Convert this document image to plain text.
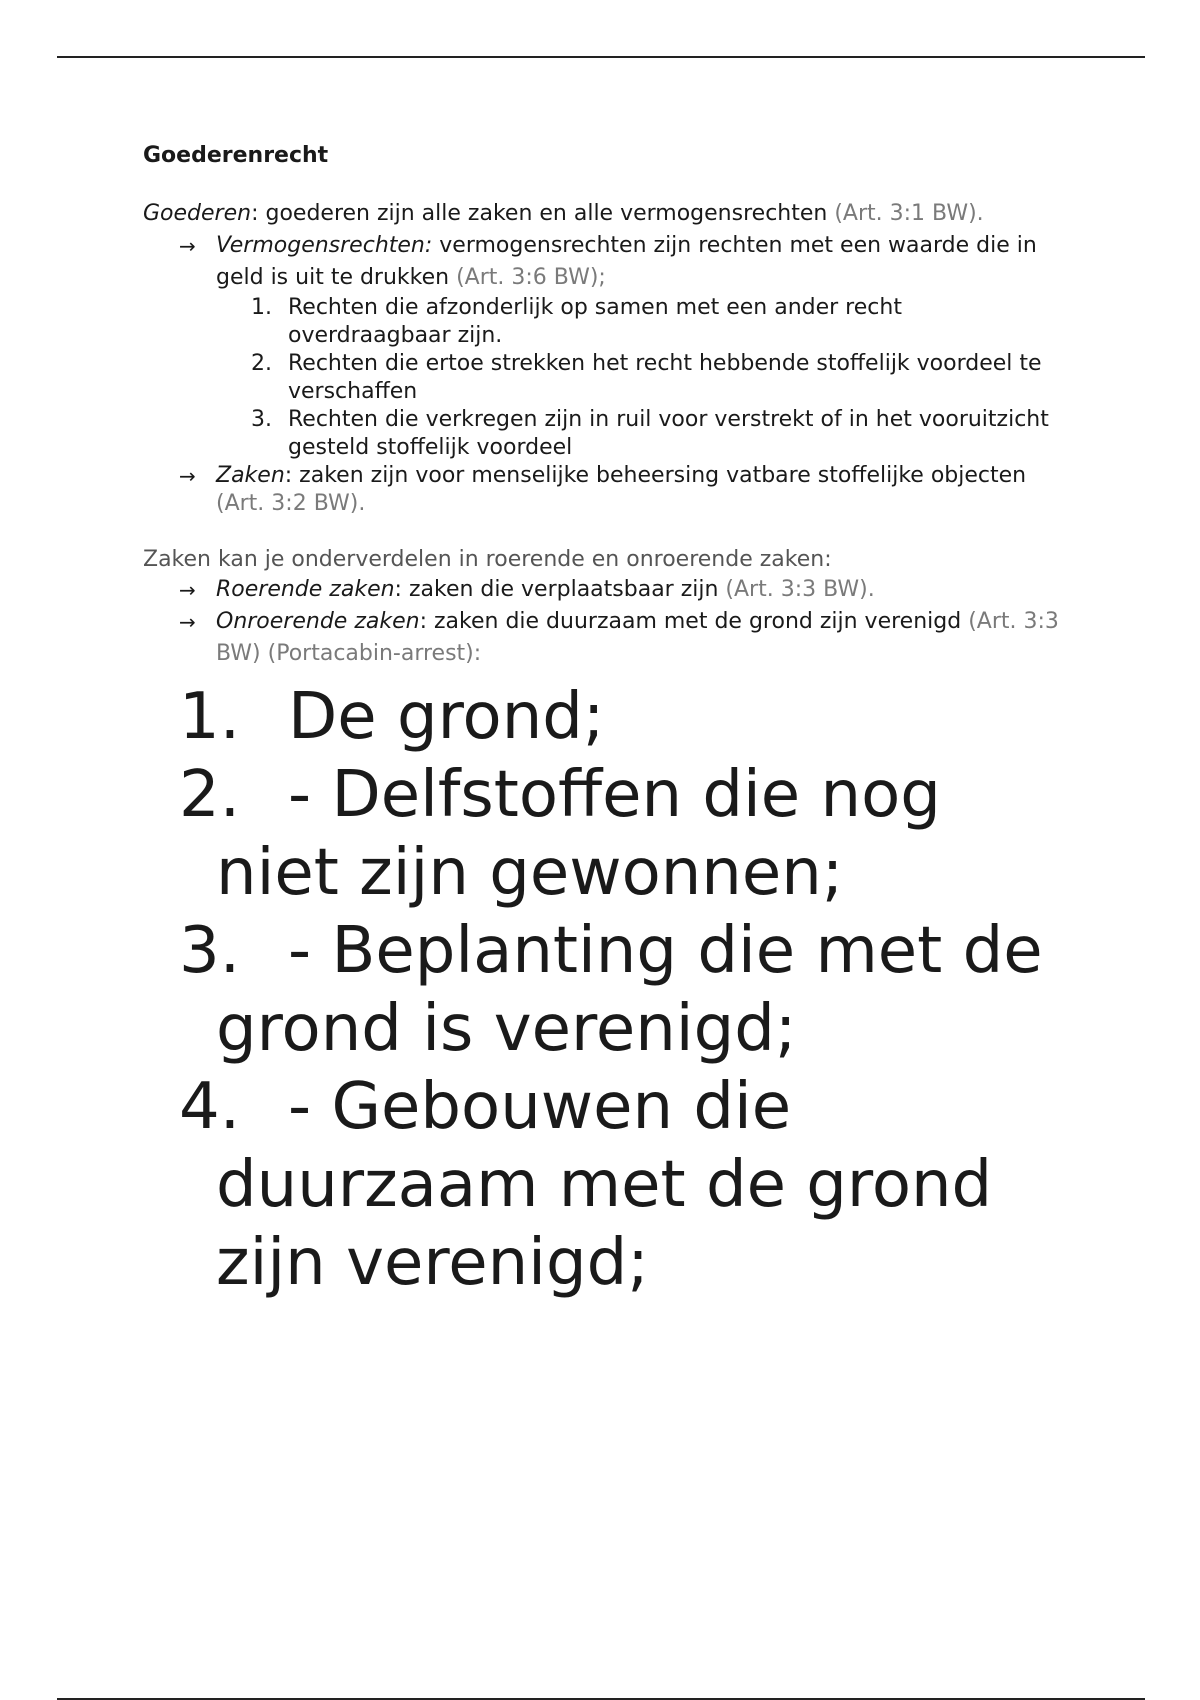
Goederenrecht

Goederen: goederen zijn alle zaken en alle vermogensrechten (Art. 3:1 BW).

→ Vermogensrechten: vermogensrechten zijn rechten met een waarde die in geld is uit te drukken (Art. 3:6 BW);

1. Rechten die afzonderlijk op samen met een ander recht overdraagbaar zijn.
2. Rechten die ertoe strekken het recht hebbende stoffelijk voordeel te verschaffen
3. Rechten die verkregen zijn in ruil voor verstrekt of in het vooruitzicht gesteld stoffelijk voordeel

→ Zaken: zaken zijn voor menselijke beheersing vatbare stoffelijke objecten (Art. 3:2 BW).

Zaken kan je onderverdelen in roerende en onroerende zaken:

→ Roerende zaken: zaken die verplaatsbaar zijn (Art. 3:3 BW).

→ Onroerende zaken: zaken die duurzaam met de grond zijn verenigd (Art. 3:3 BW) (Portacabin-arrest):

1. De grond;
2. - Delfstoffen die nog niet zijn gewonnen;
3. - Beplanting die met de grond is verenigd;
4. - Gebouwen die duurzaam met de grond zijn verenigd;
